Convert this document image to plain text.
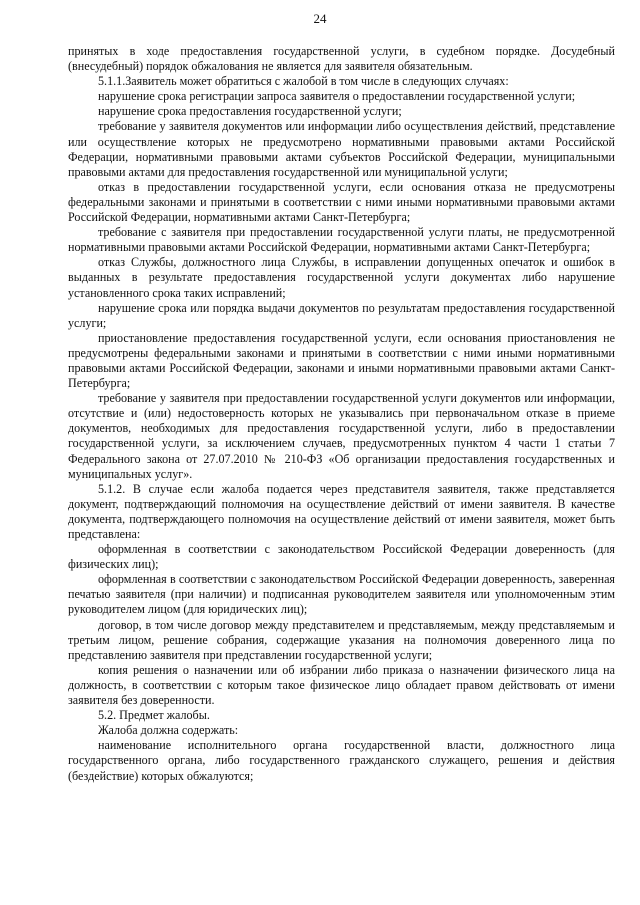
24

принятых в ходе предоставления государственной услуги, в судебном порядке. Досудебный (внесудебный) порядок обжалования не является для заявителя обязательным.

5.1.1.Заявитель может обратиться с жалобой в том числе в следующих случаях:

нарушение срока регистрации запроса заявителя о предоставлении государственной услуги;

нарушение срока предоставления государственной услуги;

требование у заявителя документов или информации либо осуществления действий, представление или осуществление которых не предусмотрено нормативными правовыми актами Российской Федерации, нормативными правовыми актами субъектов Российской Федерации, муниципальными правовыми актами для предоставления государственной или муниципальной услуги;

отказ в предоставлении государственной услуги, если основания отказа не предусмотрены федеральными законами и принятыми в соответствии с ними иными нормативными правовыми актами Российской Федерации, нормативными актами Санкт-Петербурга;

требование с заявителя при предоставлении государственной услуги платы, не предусмотренной нормативными правовыми актами Российской Федерации, нормативными актами Санкт-Петербурга;

отказ Службы, должностного лица Службы, в исправлении допущенных опечаток и ошибок в выданных в результате предоставления государственной услуги документах либо нарушение установленного срока таких исправлений;

нарушение срока или порядка выдачи документов по результатам предоставления государственной услуги;

приостановление предоставления государственной услуги, если основания приостановления не предусмотрены федеральными законами и принятыми в соответствии с ними иными нормативными правовыми актами Российской Федерации, законами и иными нормативными правовыми актами Санкт-Петербурга;

требование у заявителя при предоставлении государственной услуги документов или информации, отсутствие и (или) недостоверность которых не указывались при первоначальном отказе в приеме документов, необходимых для предоставления государственной услуги, либо в предоставлении государственной услуги, за исключением случаев, предусмотренных пунктом 4 части 1 статьи 7 Федерального закона от 27.07.2010 № 210-ФЗ «Об организации предоставления государственных и муниципальных услуг».

5.1.2. В случае если жалоба подается через представителя заявителя, также представляется документ, подтверждающий полномочия на осуществление действий от имени заявителя. В качестве документа, подтверждающего полномочия на осуществление действий от имени заявителя, может быть представлена:

оформленная в соответствии с законодательством Российской Федерации доверенность (для физических лиц);

оформленная в соответствии с законодательством Российской Федерации доверенность, заверенная печатью заявителя (при наличии) и подписанная руководителем заявителя или уполномоченным этим руководителем лицом (для юридических лиц);

договор, в том числе договор между представителем и представляемым, между представляемым и третьим лицом, решение собрания, содержащие указания на полномочия доверенного лица по представлению заявителя при представлении государственной услуги;

копия решения о назначении или об избрании либо приказа о назначении физического лица на должность, в соответствии с которым такое физическое лицо обладает правом действовать от имени заявителя без доверенности.

5.2. Предмет жалобы.

Жалоба должна содержать:

наименование исполнительного органа государственной власти, должностного лица государственного органа, либо государственного гражданского служащего, решения и действия (бездействие) которых обжалуются;
